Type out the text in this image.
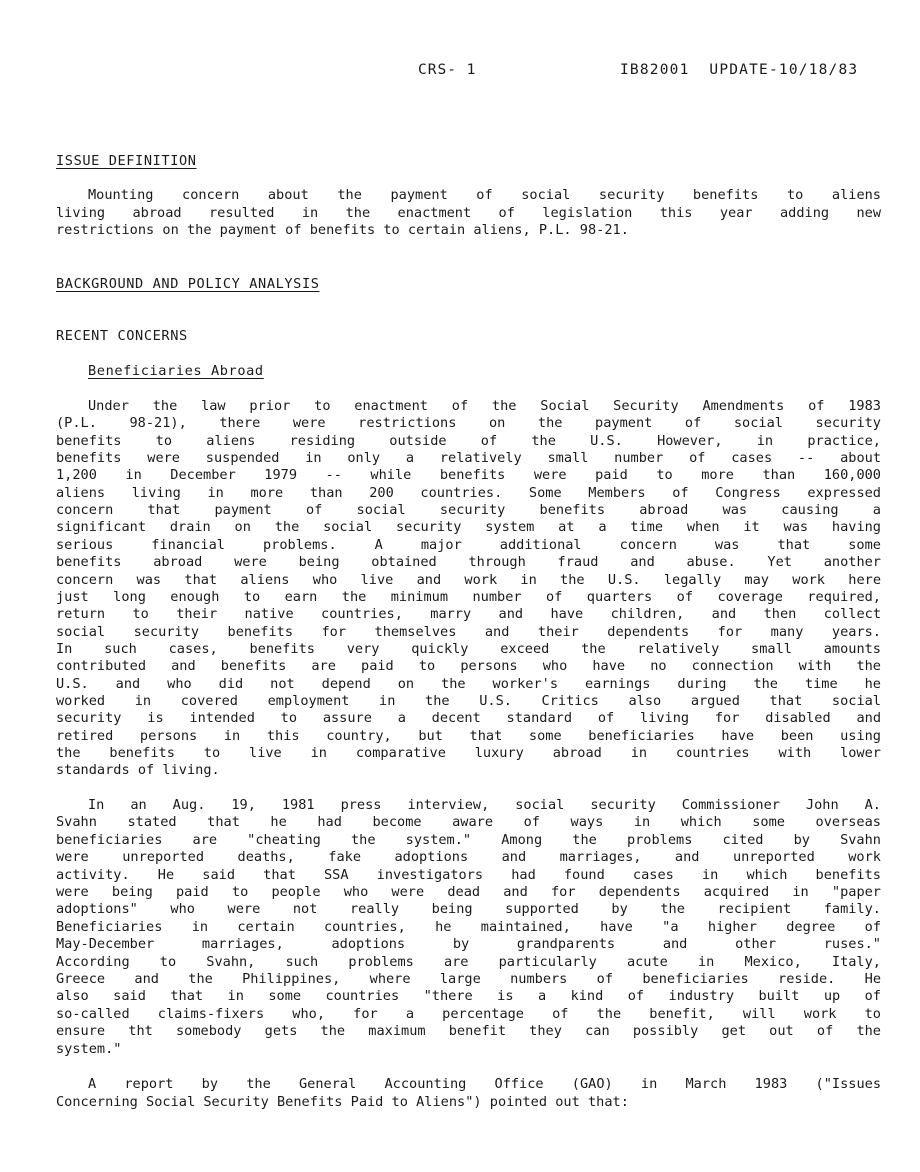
CRS- 1	IB82001 UPDATE-10/18/83
ISSUE DEFINITION
Mounting concern about the payment of social security benefits to aliens
living abroad resulted in the enactment of legislation this year adding new
restrictions on the payment of benefits to certain aliens, P.L. 98-21.
BACKGROUND AND POLICY ANALYSIS
RECENT CONCERNS
Beneficiaries Abroad
Under the law prior to enactment of the Social Security Amendments of 1983
(P.L. 98-21), there were restrictions on the payment of social security
benefits to aliens residing outside of the U.S. However, in practice,
benefits were suspended in only a relatively small number of cases -- about
1,200 in December 1979 -- while benefits were paid to more than 160,000
aliens living in more than 200 countries. Some Members of Congress expressed
concern that payment of social security benefits abroad was causing a
significant drain on the social security system at a time when it was having
serious financial problems. A major additional concern was that some
benefits abroad were being obtained through fraud and abuse. Yet another
concern was that aliens who live and work in the U.S. legally may work here
just long enough to earn the minimum number of quarters of coverage required,
return to their native countries, marry and have children, and then collect
social security benefits for themselves and their dependents for many years.
In such cases, benefits very quickly exceed the relatively small amounts
contributed and benefits are paid to persons who have no connection with the
U.S. and who did not depend on the worker's earnings during the time he
worked in covered employment in the U.S. Critics also argued that social
security is intended to assure a decent standard of living for disabled and
retired persons in this country, but that some beneficiaries have been using
the benefits to live in comparative luxury abroad in countries with lower
standards of living.
In an Aug. 19, 1981 press interview, social security Commissioner John A.
Svahn stated that he had become aware of ways in which some overseas
beneficiaries are "cheating the system." Among the problems cited by Svahn
were unreported deaths, fake adoptions and marriages, and unreported work
activity. He said that SSA investigators had found cases in which benefits
were being paid to people who were dead and for dependents acquired in "paper
adoptions" who were not really being supported by the recipient family.
Beneficiaries in certain countries, he maintained, have "a higher degree of
May-December marriages, adoptions by grandparents and other ruses."
According to Svahn, such problems are particularly acute in Mexico, Italy,
Greece and the Philippines, where large numbers of beneficiaries reside. He
also said that in some countries "there is a kind of industry built up of
so-called claims-fixers who, for a percentage of the benefit, will work to
ensure tht somebody gets the maximum benefit they can possibly get out of the
system."
A report by the General Accounting Office (GAO) in March 1983 ("Issues
Concerning Social Security Benefits Paid to Aliens") pointed out that:
